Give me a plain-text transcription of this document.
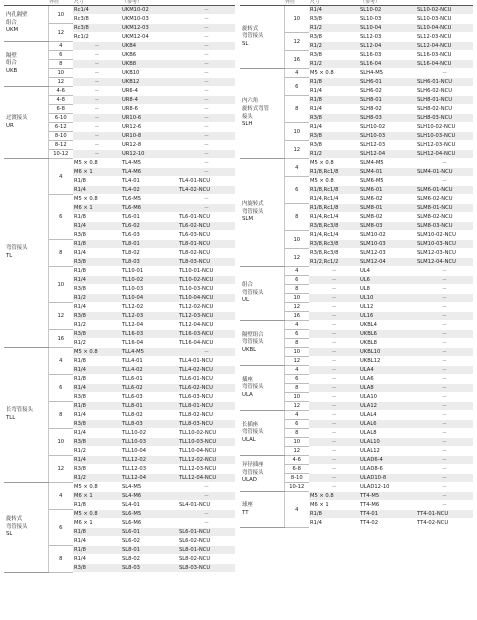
	外径	尺寸	（参考）	
内孔隔壁
组合
UKM	10	Rc1/4	UKM10-02	－
		Rc3/8	UKM10-03	－
	12	Rc3/8	UKM12-03	－
		Rc1/2	UKM12-04	－
隔壁
组合
UKB	4	－	UKB4	－
	6	－	UKB6	－
	8	－	UKB8	－
	10	－	UKB10	－
	12	－	UKB12	－
过渡接头
UR	4-6	－	UR6-4	－
	4-8	－	UR8-4	－
	6-8	－	UR8-6	－
	6-10	－	UR10-6	－
	6-12	－	UR12-6	－
	8-10	－	UR10-8	－
	8-12	－	UR12-8	－
	10-12	－	UR12-10	－
弯管接头
TL	4	M5 × 0.8	TL4-M5	－
		M6 × 1	TL4-M6	－
		R1/8	TL4-01	TL4-01-NCU
		R1/4	TL4-02	TL4-02-NCU
	6	M5 × 0.8	TL6-M5	－
		M6 × 1	TL6-M6	－
		R1/8	TL6-01	TL6-01-NCU
		R1/4	TL6-02	TL6-02-NCU
		R3/8	TL6-03	TL6-03-NCU
	8	R1/8	TL8-01	TL8-01-NCU
		R1/4	TL8-02	TL8-02-NCU
		R3/8	TL8-03	TL8-03-NCU
	10	R1/8	TL10-01	TL10-01-NCU
		R1/4	TL10-02	TL10-02-NCU
		R3/8	TL10-03	TL10-03-NCU
		R1/2	TL10-04	TL10-04-NCU
	12	R1/4	TL12-02	TL12-02-NCU
		R3/8	TL12-03	TL12-03-NCU
		R1/2	TL12-04	TL12-04-NCU
	16	R3/8	TL16-03	TL16-03-NCU
		R1/2	TL16-04	TL16-04-NCU
长弯管接头
TLL	4	M5 × 0.8	TLL4-M5	－
		R1/8	TLL4-01	TLL4-01-NCU
		R1/4	TLL4-02	TLL4-02-NCU
	6	R1/8	TLL6-01	TLL6-01-NCU
		R1/4	TLL6-02	TLL6-02-NCU
		R3/8	TLL6-03	TLL6-03-NCU
	8	R1/8	TLL8-01	TLL8-01-NCU
		R1/4	TLL8-02	TLL8-02-NCU
		R3/8	TLL8-03	TLL8-03-NCU
	10	R1/4	TLL10-02	TLL10-02-NCU
		R3/8	TLL10-03	TLL10-03-NCU
		R1/2	TLL10-04	TLL10-04-NCU
	12	R1/4	TLL12-02	TLL12-02-NCU
		R3/8	TLL12-03	TLL12-03-NCU
		R1/2	TLL12-04	TLL12-04-NCU
旋转式
弯管接头
SL	4	M5 × 0.8	SL4-M5	－
		M6 × 1	SL4-M6	－
		R1/8	SL4-01	SL4-01-NCU
	6	M5 × 0.8	SL6-M5	－
		M6 × 1	SL6-M6	－
		R1/8	SL6-01	SL6-01-NCU
		R1/4	SL6-02	SL6-02-NCU
	8	R1/8	SL8-01	SL8-01-NCU
		R1/4	SL8-02	SL8-02-NCU
		R3/8	SL8-03	SL8-03-NCU
	外径	尺寸	（参考）	
旋转式
弯管接头
SL	10	R1/4	SL10-02	SL10-02-NCU
		R3/8	SL10-03	SL10-03-NCU
		R1/2	SL10-04	SL10-04-NCU
	12	R3/8	SL12-03	SL12-03-NCU
		R1/2	SL12-04	SL12-04-NCU
	16	R3/8	SL16-03	SL16-03-NCU
		R1/2	SL16-04	SL16-04-NCU
内六角
旋转式弯管
接头
SLH	4	M5 × 0.8	SLH4-M5	－
	6	R1/8	SLH6-01	SLH6-01-NCU
		R1/4	SLH6-02	SLH6-02-NCU
	8	R1/8	SLH8-01	SLH8-01-NCU
		R1/4	SLH8-02	SLH8-02-NCU
		R3/8	SLH8-03	SLH8-03-NCU
	10	R1/4	SLH10-02	SLH10-02-NCU
		R3/8	SLH10-03	SLH10-03-NCU
	12	R3/8	SLH12-03	SLH12-03-NCU
		R1/2	SLH12-04	SLH12-04-NCU
内旋转式
弯管接头
SLM	4	M5 × 0.8	SLM4-M5	－
		R1/8,Rc1/8	SLM4-01	SLM4-01-NCU
	6	M5 × 0.8	SLM6-M5	－
		R1/8,Rc1/8	SLM6-01	SLM6-01-NCU
		R1/4,Rc1/4	SLM6-02	SLM6-02-NCU
	8	R1/8,Rc1/8	SLM8-01	SLM8-01-NCU
		R1/4,Rc1/4	SLM8-02	SLM8-02-NCU
		R3/8,Rc3/8	SLM8-03	SLM8-03-NCU
	10	R1/4,Rc1/4	SLM10-02	SLM10-02-NCU
		R3/8,Rc3/8	SLM10-03	SLM10-03-NCU
	12	R3/8,Rc3/8	SLM12-03	SLM12-03-NCU
		R1/2,Rc1/2	SLM12-04	SLM12-04-NCU
组合
弯管接头
UL	4	－	UL4	－
	6	－	UL6	－
	8	－	UL8	－
	10	－	UL10	－
	12	－	UL12	－
	16	－	UL16	－
隔壁组合
弯管接头
UKBL	4	－	UKBL4	－
	6	－	UKBL6	－
	8	－	UKBL8	－
	10	－	UKBL10	－
	12	－	UKBL12	－
插座
弯管接头
ULA	4	－	ULA4	－
	6	－	ULA6	－
	8	－	ULA8	－
	10	－	ULA10	－
	12	－	ULA12	－
长插座
弯管接头
ULAL	4	－	ULAL4	－
	6	－	ULAL6	－
	8	－	ULAL8	－
	10	－	ULAL10	－
	12	－	ULAL12	－
异径插座
弯管接头
ULAD	4-6	－	ULAD6-4	－
	6-8	－	ULAD8-6	－
	8-10	－	ULAD10-8	－
	10-12	－	ULAD12-10	－
球座
TT	4	M5 × 0.8	TT4-M5	－
		M6 × 1	TT4-M6	－
		R1/8	TT4-01	TT4-01-NCU
		R1/4	TT4-02	TT4-02-NCU
